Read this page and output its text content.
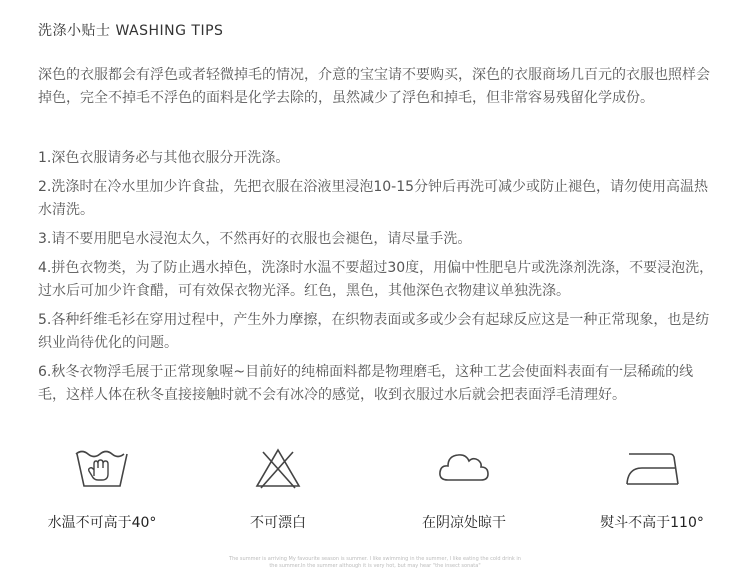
洗涤小贴士 WASHING TIPS
深色的衣服都会有浮色或者轻微掉毛的情况，介意的宝宝请不要购买，深色的衣服商场几百元的衣服也照样会掉色，完全不掉毛不浮色的面料是化学去除的，虽然减少了浮色和掉毛，但非常容易残留化学成份。
1.深色衣服请务必与其他衣服分开洗涤。
2.洗涤时在冷水里加少许食盐，先把衣服在浴液里浸泡10-15分钟后再洗可减少或防止褪色，请勿使用高温热水清洗。
3.请不要用肥皂水浸泡太久，不然再好的衣服也会褪色，请尽量手洗。
4.拼色衣物类，为了防止遇水掉色，洗涤时水温不要超过30度，用偏中性肥皂片或洗涤剂洗涤，不要浸泡洗，过水后可加少许食醋，可有效保衣物光泽。红色，黑色，其他深色衣物建议单独洗涤。
5.各种纤维毛衫在穿用过程中，产生外力摩擦，在织物表面或多或少会有起球反应这是一种正常现象，也是纺织业尚待优化的问题。
6.秋冬衣物浮毛展于正常现象喔~目前好的纯棉面料都是物理磨毛，这种工艺会使面料表面有一层稀疏的线毛，这样人体在秋冬直接接触时就不会有冰冷的感觉，收到衣服过水后就会把表面浮毛清理好。
水温不可高于40°	不可漂白	在阴凉处晾干	熨斗不高于110°
The summer is arriving My favourite season is summer. I like swimming in the summer, I like eating the cold drink in
the summer.In the summer although it is very hot, but may hear "the insect sonata"
